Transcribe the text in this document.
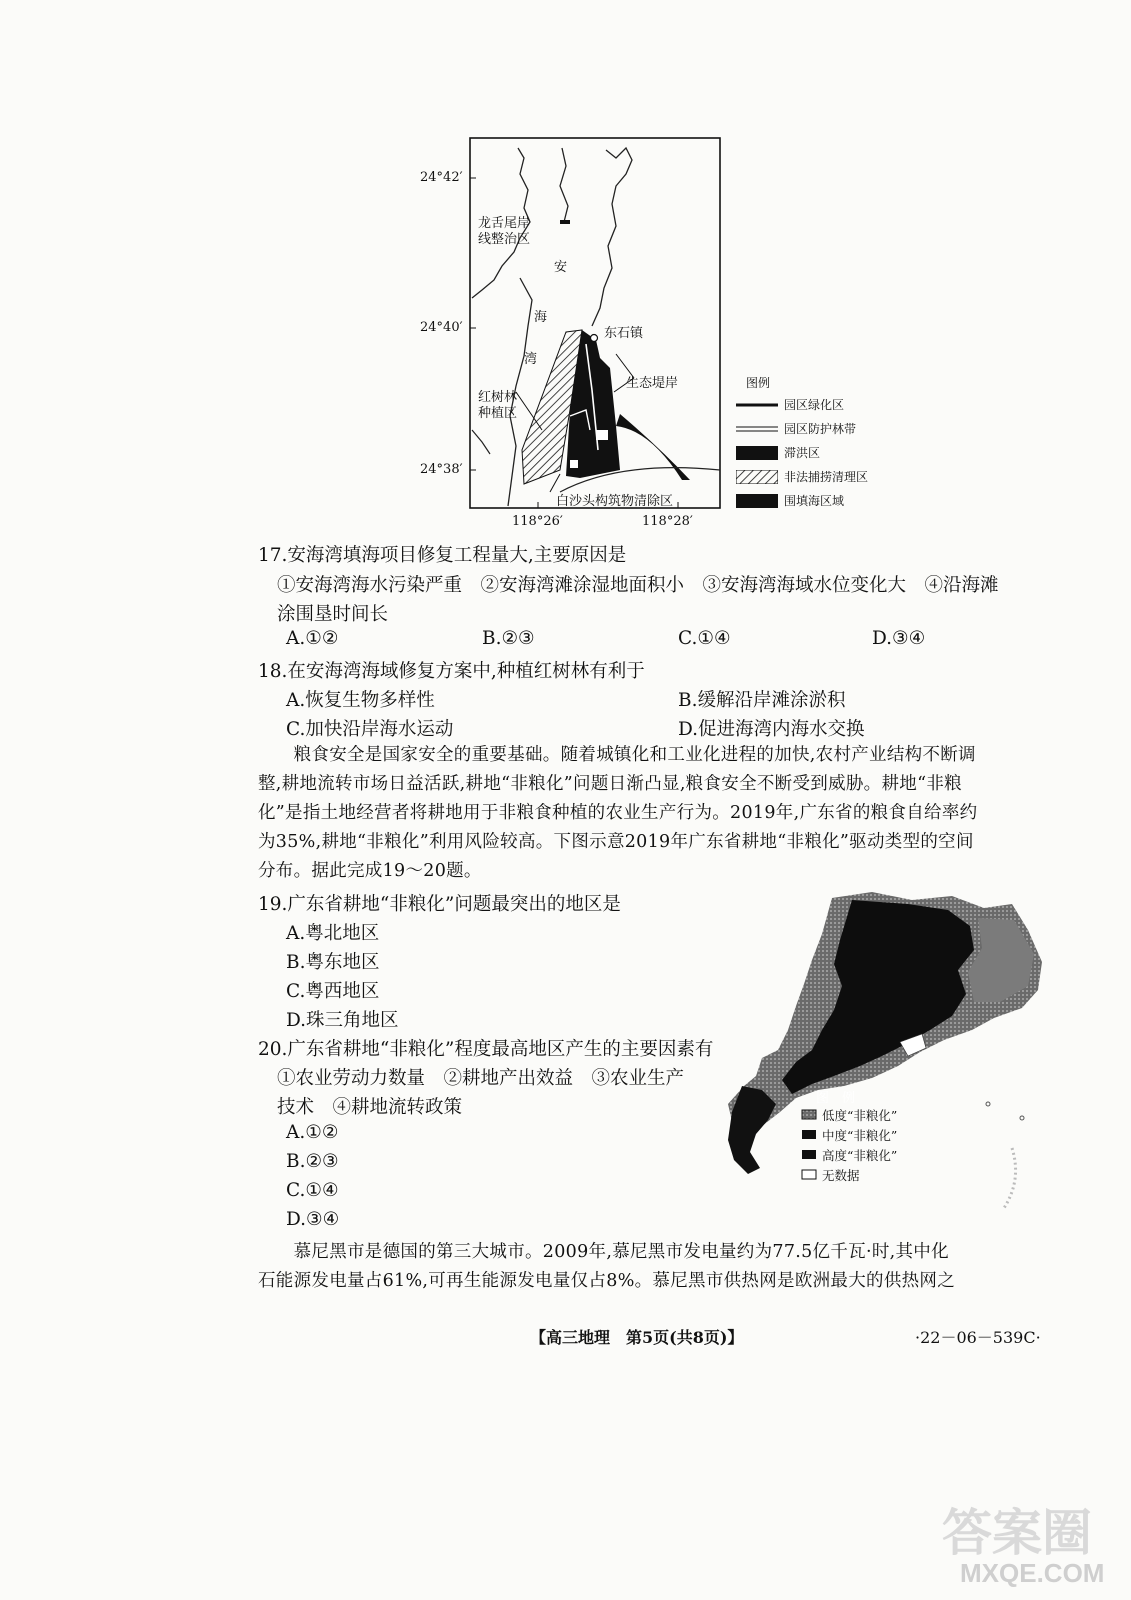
24°42′
24°40′
24°38′
118°26′	118°28′
龙舌尾岸
线整治区
安
海
湾
东石镇
生态堤岸
红树林
种植区
白沙头构筑物清除区
图例
园区绿化区
园区防护林带
滞洪区
非法捕捞清理区
围填海区域
17.安海湾填海项目修复工程量大,主要原因是
①安海湾海水污染严重　②安海湾滩涂湿地面积小　③安海湾海域水位变化大　④沿海滩
涂围垦时间长
A.①②	B.②③	C.①④	D.③④
18.在安海湾海域修复方案中,种植红树林有利于
A.恢复生物多样性	B.缓解沿岸滩涂淤积
C.加快沿岸海水运动	D.促进海湾内海水交换

　　粮食安全是国家安全的重要基础。随着城镇化和工业化进程的加快,农村产业结构不断调

整,耕地流转市场日益活跃,耕地“非粮化”问题日渐凸显,粮食安全不断受到威胁。耕地“非粮

化”是指土地经营者将耕地用于非粮食种植的农业生产行为。2019年,广东省的粮食自给率约

为35%,耕地“非粮化”利用风险较高。下图示意2019年广东省耕地“非粮化”驱动类型的空间

分布。据此完成19～20题。

19.广东省耕地“非粮化”问题最突出的地区是
A.粤北地区
B.粤东地区
C.粤西地区
D.珠三角地区
20.广东省耕地“非粮化”程度最高地区产生的主要因素有
①农业劳动力数量　②耕地产出效益　③农业生产
技术　④耕地流转政策
A.①②
B.②③
C.①④
D.③④
图　例
低度“非粮化”
中度“非粮化”
高度“非粮化”
无数据

　　慕尼黑市是德国的第三大城市。2009年,慕尼黑市发电量约为77.5亿千瓦·时,其中化

石能源发电量占61%,可再生能源发电量仅占8%。慕尼黑市供热网是欧洲最大的供热网之

【高三地理　第5页(共8页)】	·22－06－539C·
答案圈
MXQE.COM
